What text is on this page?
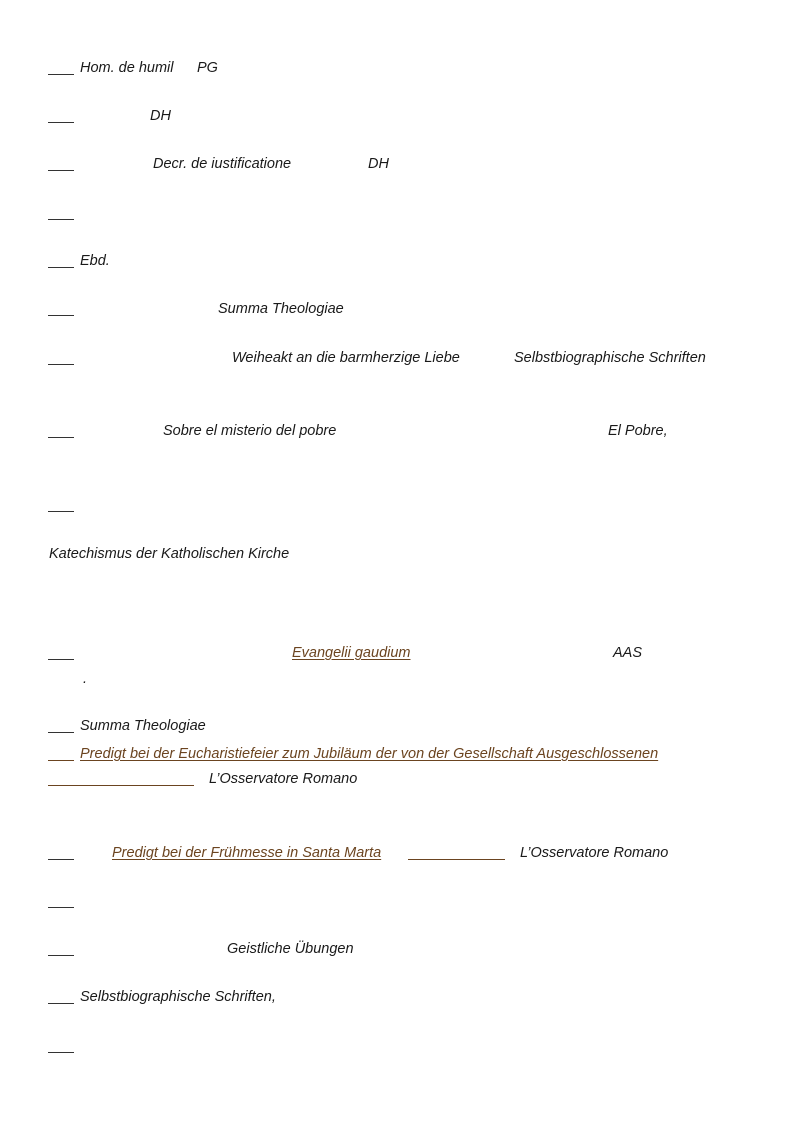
Hom. de humil PG
DH
Decr. de iustificatione	DH
Ebd.
Summa Theologiae
Weiheakt an die barmherzige Liebe	Selbstbiographische Schriften
Sobre el misterio del pobre	El Pobre,
Katechismus der Katholischen Kirche
Evangelii gaudium	AAS
.
Summa Theologiae
Predigt bei der Eucharistiefeier zum Jubiläum der von der Gesellschaft Ausgeschlossenen
L’Osservatore Romano
Predigt bei der Frühmesse in Santa Marta	L’Osservatore Romano
Geistliche Übungen
Selbstbiographische Schriften,
